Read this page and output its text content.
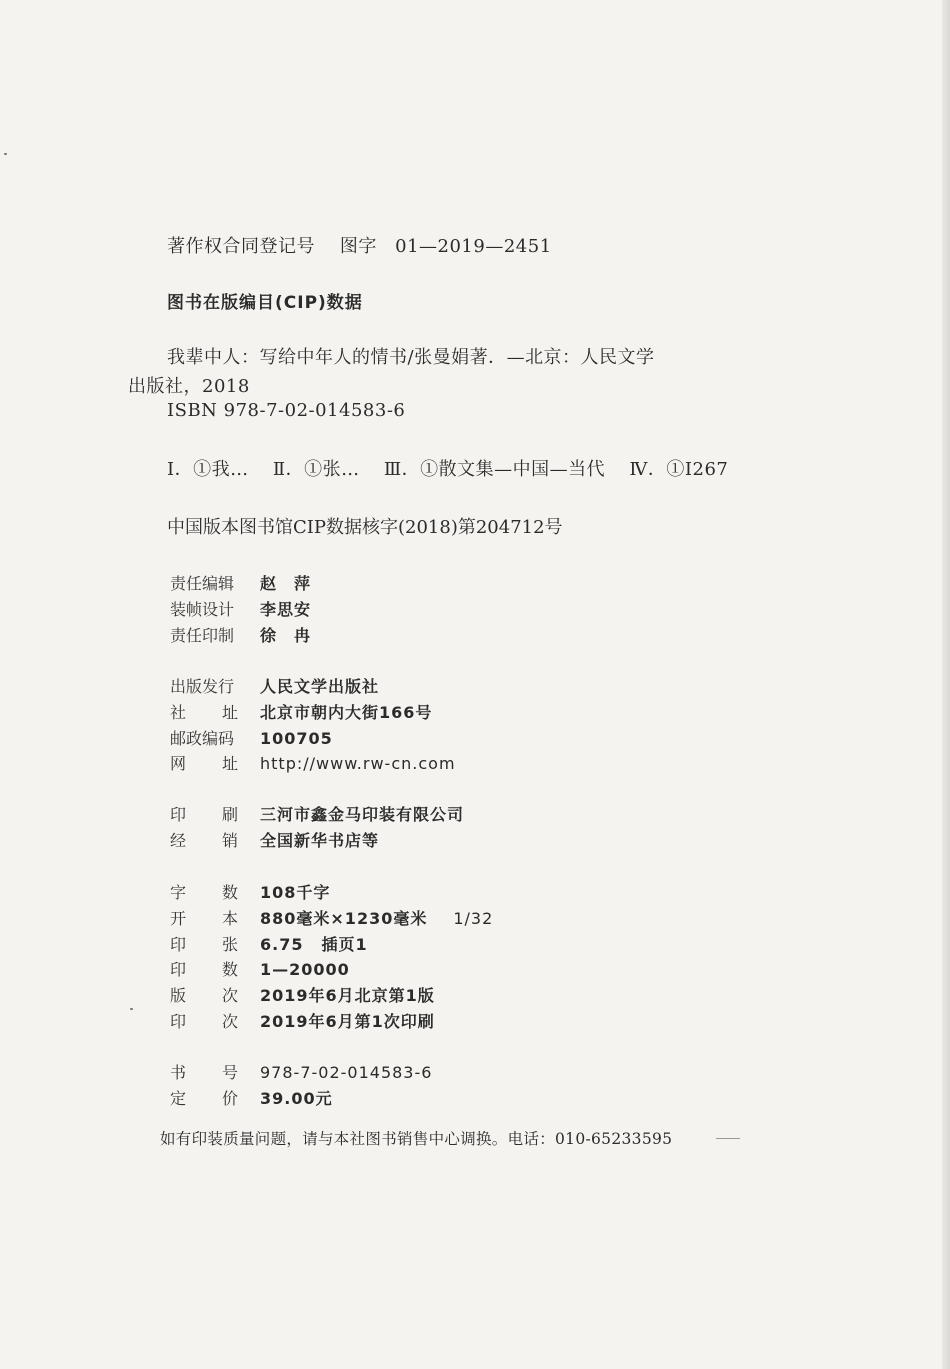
著作权合同登记号 图字 01—2019—2451
图书在版编目(CIP)数据
我辈中人：写给中年人的情书/张曼娟著．—北京：人民文学
出版社，2018
ISBN 978-7-02-014583-6
Ⅰ．①我… Ⅱ．①张… Ⅲ．①散文集—中国—当代 Ⅳ．①I267
中国版本图书馆CIP数据核字(2018)第204712号
责任编辑 赵　萍
装帧设计 李思安
责任印制 徐　冉
出版发行 人民文学出版社
社 址 北京市朝内大街166号
邮政编码 100705
网 址 http://www.rw-cn.com
印 刷 三河市鑫金马印装有限公司
经 销 全国新华书店等
字 数 108千字
开 本 880毫米×1230毫米 1/32
印 张 6.75 插页1
印 数 1—20000
版 次 2019年6月北京第1版
印 次 2019年6月第1次印刷
书 号 978-7-02-014583-6
定 价 39.00元
如有印装质量问题，请与本社图书销售中心调换。电话：010-65233595
